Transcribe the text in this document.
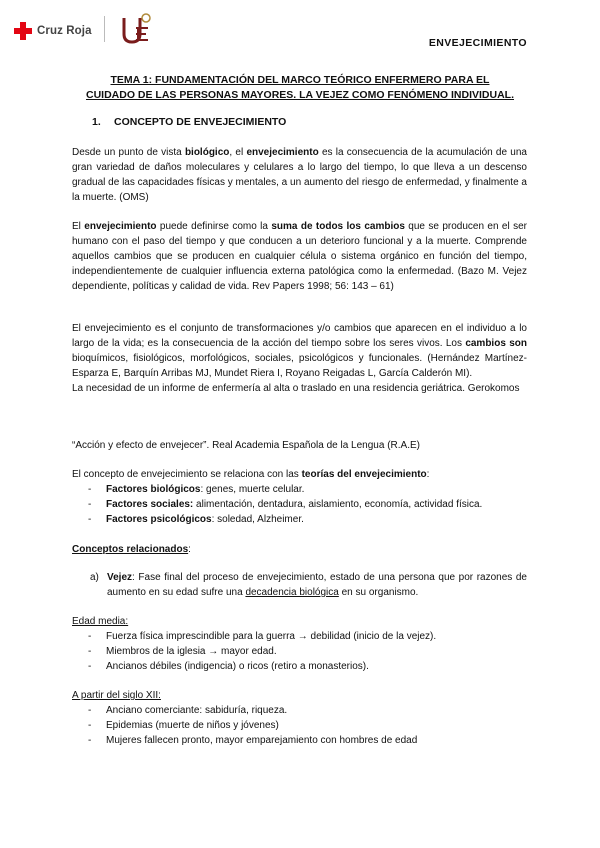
Cruz Roja
ENVEJECIMIENTO
TEMA 1: FUNDAMENTACIÓN DEL MARCO TEÓRICO ENFERMERO PARA EL
CUIDADO DE LAS PERSONAS MAYORES. LA VEJEZ COMO FENÓMENO INDIVIDUAL.
1. CONCEPTO DE ENVEJECIMIENTO
Desde un punto de vista biológico, el envejecimiento es la consecuencia de la acumulación de una gran variedad de daños moleculares y celulares a lo largo del tiempo, lo que lleva a un descenso gradual de las capacidades físicas y mentales, a un aumento del riesgo de enfermedad, y finalmente a la muerte. (OMS)
El envejecimiento puede definirse como la suma de todos los cambios que se producen en el ser humano con el paso del tiempo y que conducen a un deterioro funcional y a la muerte. Comprende aquellos cambios que se producen en cualquier célula o sistema orgánico en función del tiempo, independientemente de cualquier influencia externa patológica como la enfermedad. (Bazo M. Vejez dependiente, políticas y calidad de vida. Rev Papers 1998; 56: 143 – 61)
El envejecimiento es el conjunto de transformaciones y/o cambios que aparecen en el individuo a lo largo de la vida; es la consecuencia de la acción del tiempo sobre los seres vivos. Los cambios son bioquímicos, fisiológicos, morfológicos, sociales, psicológicos y funcionales. (Hernández Martínez-Esparza E, Barquín Arribas MJ, Mundet Riera I, Royano Reigadas L, García Calderón MI).
La necesidad de un informe de enfermería al alta o traslado en una residencia geriátrica. Gerokomos
“Acción y efecto de envejecer”. Real Academia Española de la Lengua (R.A.E)
El concepto de envejecimiento se relaciona con las teorías del envejecimiento:
- Factores biológicos: genes, muerte celular.
- Factores sociales: alimentación, dentadura, aislamiento, economía, actividad física.
- Factores psicológicos: soledad, Alzheimer.
Conceptos relacionados:
a) Vejez: Fase final del proceso de envejecimiento, estado de una persona que por razones de aumento en su edad sufre una decadencia biológica en su organismo.
Edad media:
- Fuerza física imprescindible para la guerra → debilidad (inicio de la vejez).
- Miembros de la iglesia → mayor edad.
- Ancianos débiles (indigencia) o ricos (retiro a monasterios).
A partir del siglo XII:
- Anciano comerciante: sabiduría, riqueza.
- Epidemias (muerte de niños y jóvenes)
- Mujeres fallecen pronto, mayor emparejamiento con hombres de edad
